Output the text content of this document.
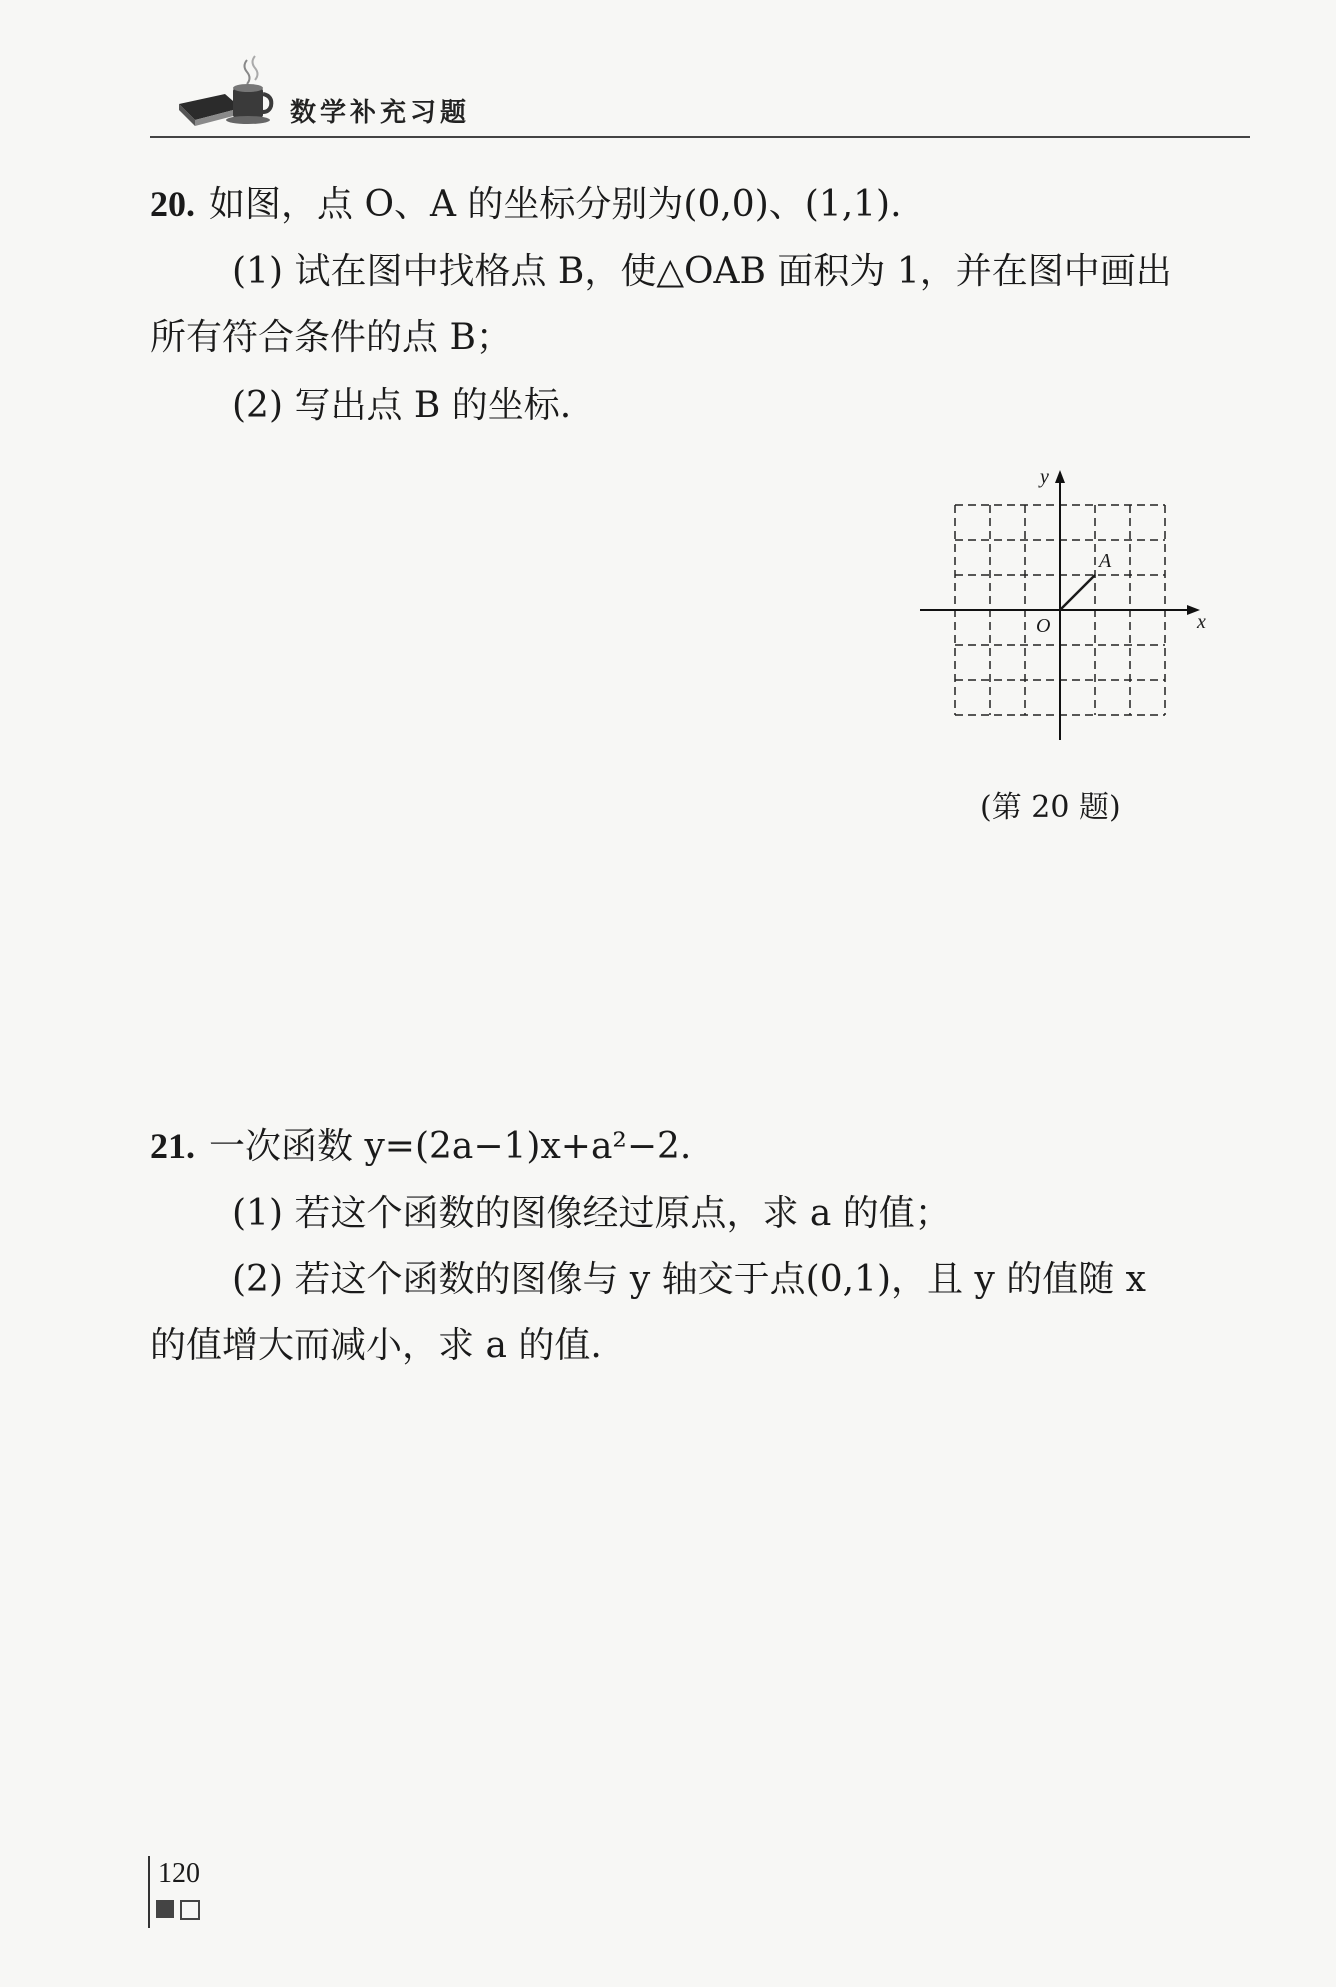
数学补充习题
20. 如图，点 O、A 的坐标分别为(0,0)、(1,1).
(1) 试在图中找格点 B，使△OAB 面积为 1，并在图中画出
所有符合条件的点 B；
(2) 写出点 B 的坐标.
y
x
O
A
(第 20 题)
21. 一次函数 y=(2a−1)x+a²−2.
(1) 若这个函数的图像经过原点，求 a 的值；
(2) 若这个函数的图像与 y 轴交于点(0,1)，且 y 的值随 x
的值增大而减小，求 a 的值.
120
